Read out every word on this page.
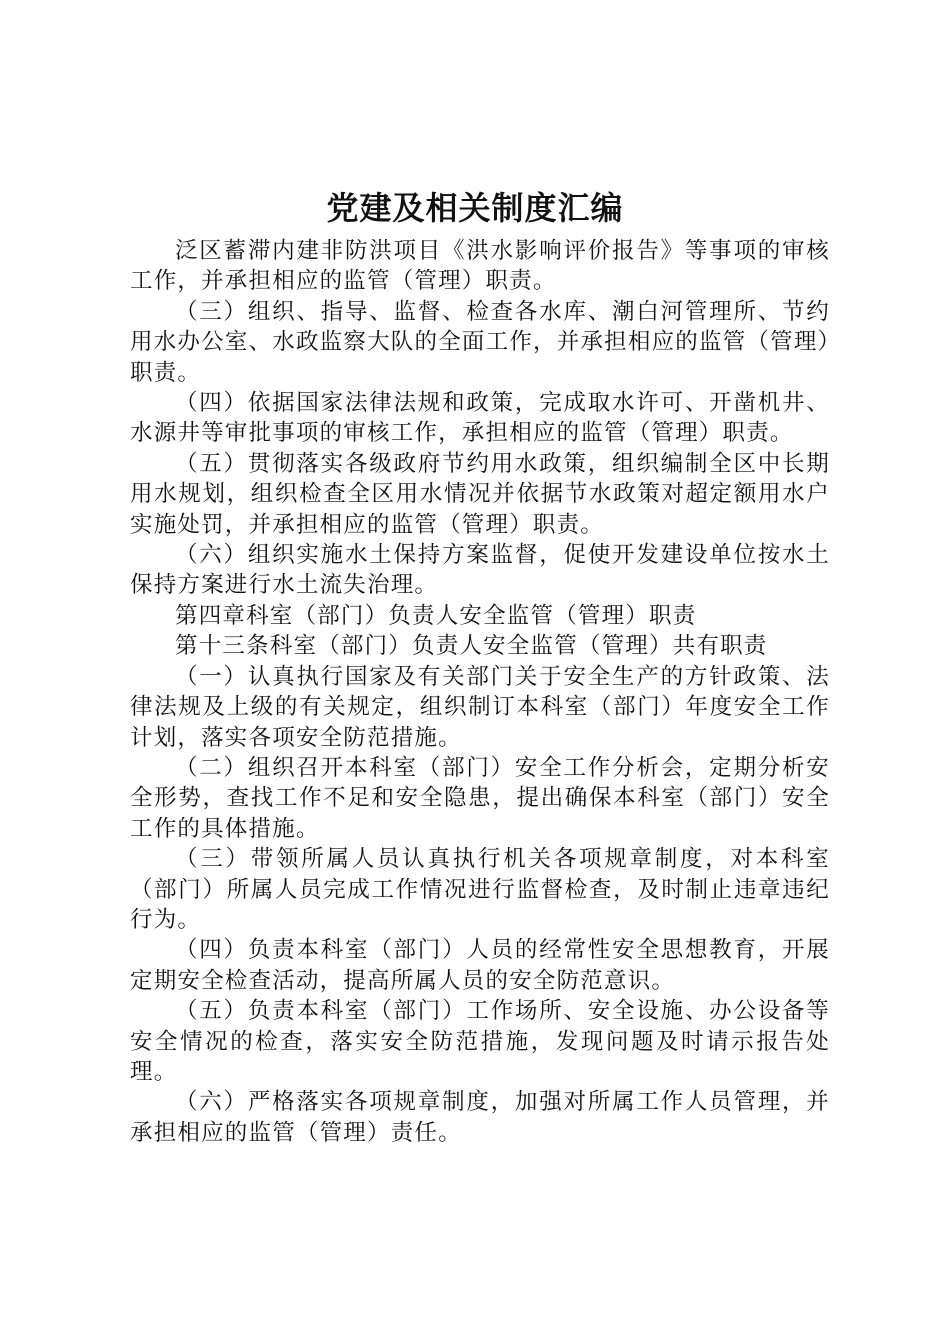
党建及相关制度汇编

泛区蓄滞内建非防洪项目《洪水影响评价报告》等事项的审核工作，并承担相应的监管（管理）职责。

（三）组织、指导、监督、检查各水库、潮白河管理所、节约用水办公室、水政监察大队的全面工作，并承担相应的监管（管理）职责。

（四）依据国家法律法规和政策，完成取水许可、开凿机井、水源井等审批事项的审核工作，承担相应的监管（管理）职责。

（五）贯彻落实各级政府节约用水政策，组织编制全区中长期用水规划，组织检查全区用水情况并依据节水政策对超定额用水户实施处罚，并承担相应的监管（管理）职责。

（六）组织实施水土保持方案监督，促使开发建设单位按水土保持方案进行水土流失治理。

第四章科室（部门）负责人安全监管（管理）职责

第十三条科室（部门）负责人安全监管（管理）共有职责

（一）认真执行国家及有关部门关于安全生产的方针政策、法律法规及上级的有关规定，组织制订本科室（部门）年度安全工作计划，落实各项安全防范措施。

（二）组织召开本科室（部门）安全工作分析会，定期分析安全形势，查找工作不足和安全隐患，提出确保本科室（部门）安全工作的具体措施。

（三）带领所属人员认真执行机关各项规章制度，对本科室（部门）所属人员完成工作情况进行监督检查，及时制止违章违纪行为。

（四）负责本科室（部门）人员的经常性安全思想教育，开展定期安全检查活动，提高所属人员的安全防范意识。

（五）负责本科室（部门）工作场所、安全设施、办公设备等安全情况的检查，落实安全防范措施，发现问题及时请示报告处理。

（六）严格落实各项规章制度，加强对所属工作人员管理，并承担相应的监管（管理）责任。
